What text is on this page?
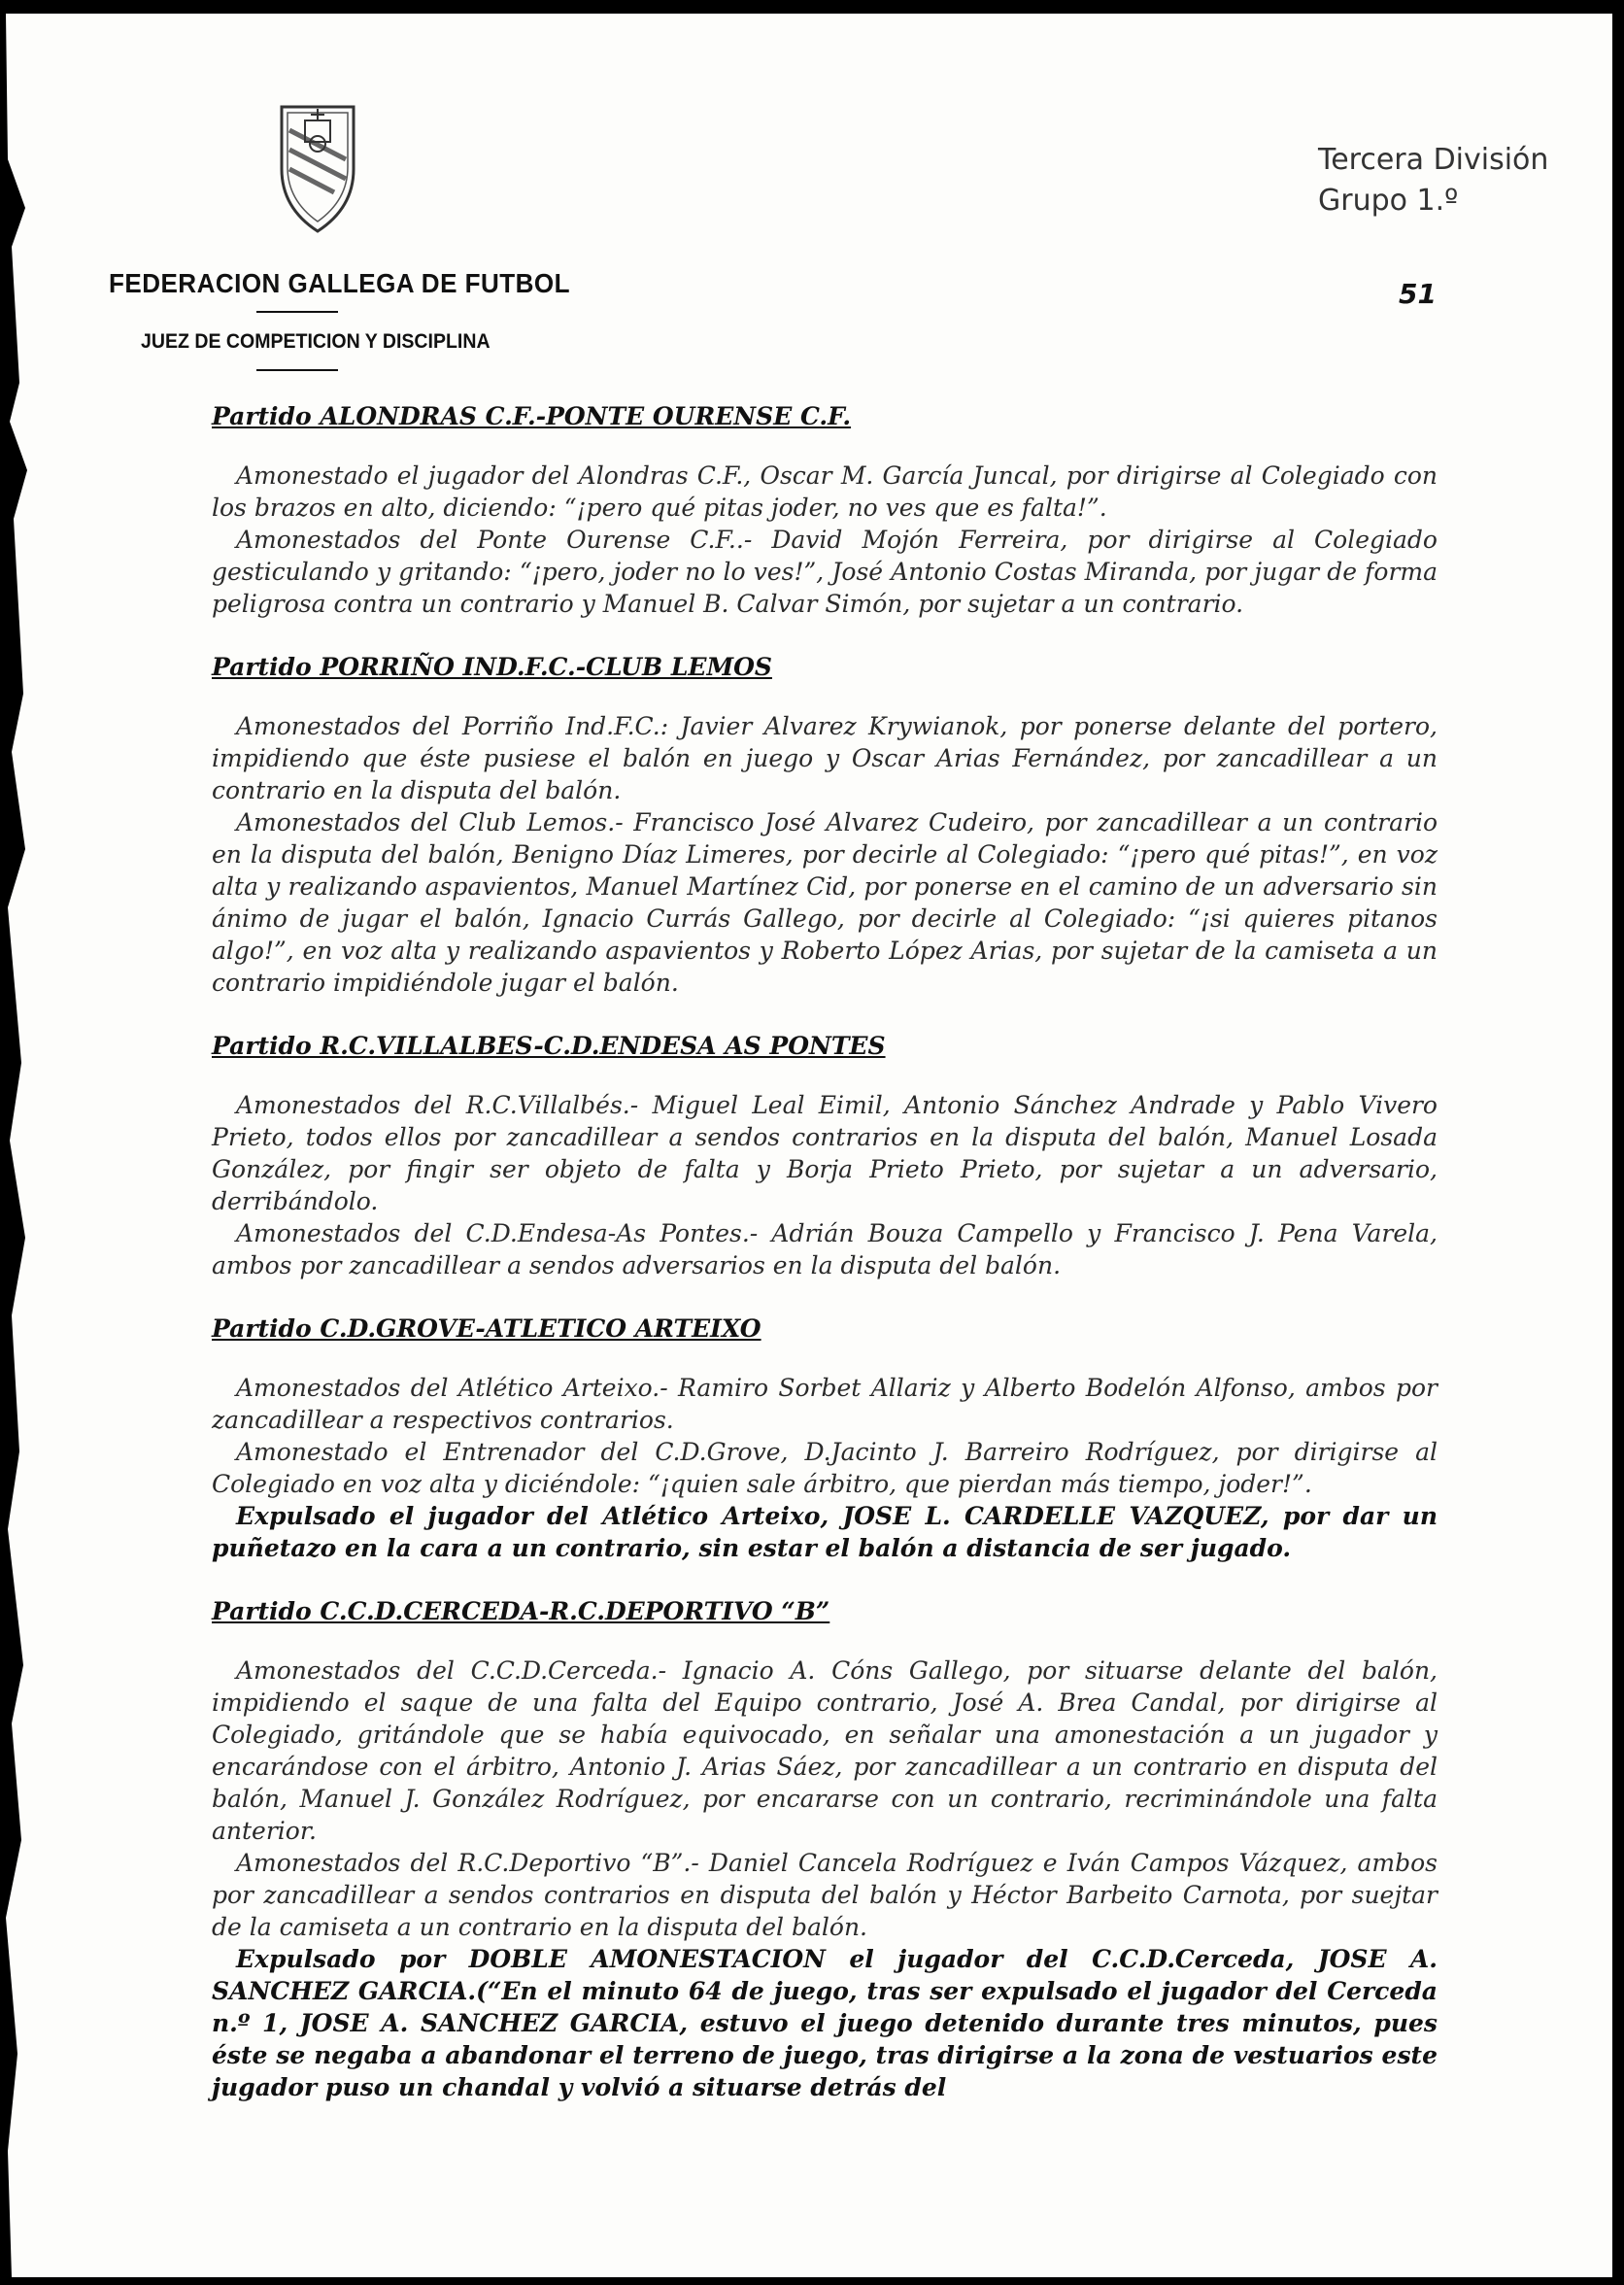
FEDERACION GALLEGA DE FUTBOL
JUEZ DE COMPETICION Y DISCIPLINA
Tercera División
Grupo 1.º
51
Partido ALONDRAS C.F.-PONTE OURENSE C.F.

Amonestado el jugador del Alondras C.F., Oscar M. García Juncal, por dirigirse al Colegiado con los brazos en alto, diciendo: “¡pero qué pitas joder, no ves que es falta!”.

Amonestados del Ponte Ourense C.F..- David Mojón Ferreira, por dirigirse al Colegiado gesticulando y gritando: “¡pero, joder no lo ves!”, José Antonio Costas Miranda, por jugar de forma peligrosa contra un contrario y Manuel B. Calvar Simón, por sujetar a un contrario.

Partido PORRIÑO IND.F.C.-CLUB LEMOS

Amonestados del Porriño Ind.F.C.: Javier Alvarez Krywianok, por ponerse delante del portero, impidiendo que éste pusiese el balón en juego y Oscar Arias Fernández, por zancadillear a un contrario en la disputa del balón.

Amonestados del Club Lemos.- Francisco José Alvarez Cudeiro, por zancadillear a un contrario en la disputa del balón, Benigno Díaz Limeres, por decirle al Colegiado: “¡pero qué pitas!”, en voz alta y realizando aspavientos, Manuel Martínez Cid, por ponerse en el camino de un adversario sin ánimo de jugar el balón, Ignacio Currás Gallego, por decirle al Colegiado: “¡si quieres pitanos algo!”, en voz alta y realizando aspavientos y Roberto López Arias, por sujetar de la camiseta a un contrario impidiéndole jugar el balón.

Partido R.C.VILLALBES-C.D.ENDESA AS PONTES

Amonestados del R.C.Villalbés.- Miguel Leal Eimil, Antonio Sánchez Andrade y Pablo Vivero Prieto, todos ellos por zancadillear a sendos contrarios en la disputa del balón, Manuel Losada González, por fingir ser objeto de falta y Borja Prieto Prieto, por sujetar a un adversario, derribándolo.

Amonestados del C.D.Endesa-As Pontes.- Adrián Bouza Campello y Francisco J. Pena Varela, ambos por zancadillear a sendos adversarios en la disputa del balón.

Partido C.D.GROVE-ATLETICO ARTEIXO

Amonestados del Atlético Arteixo.- Ramiro Sorbet Allariz y Alberto Bodelón Alfonso, ambos por zancadillear a respectivos contrarios.

Amonestado el Entrenador del C.D.Grove, D.Jacinto J. Barreiro Rodríguez, por dirigirse al Colegiado en voz alta y diciéndole: “¡quien sale árbitro, que pierdan más tiempo, joder!”.

Expulsado el jugador del Atlético Arteixo, JOSE L. CARDELLE VAZQUEZ, por dar un puñetazo en la cara a un contrario, sin estar el balón a distancia de ser jugado.

Partido C.C.D.CERCEDA-R.C.DEPORTIVO “B”

Amonestados del C.C.D.Cerceda.- Ignacio A. Cóns Gallego, por situarse delante del balón, impidiendo el saque de una falta del Equipo contrario, José A. Brea Candal, por dirigirse al Colegiado, gritándole que se había equivocado, en señalar una amonestación a un jugador y encarándose con el árbitro, Antonio J. Arias Sáez, por zancadillear a un contrario en disputa del balón, Manuel J. González Rodríguez, por encararse con un contrario, recriminándole una falta anterior.

Amonestados del R.C.Deportivo “B”.- Daniel Cancela Rodríguez e Iván Campos Vázquez, ambos por zancadillear a sendos contrarios en disputa del balón y Héctor Barbeito Carnota, por suejtar de la camiseta a un contrario en la disputa del balón.

Expulsado por DOBLE AMONESTACION el jugador del C.C.D.Cerceda, JOSE A. SANCHEZ GARCIA.(“En el minuto 64 de juego, tras ser expulsado el jugador del Cerceda n.º 1, JOSE A. SANCHEZ GARCIA, estuvo el juego detenido durante tres minutos, pues éste se negaba a abandonar el terreno de juego, tras dirigirse a la zona de vestuarios este jugador puso un chandal y volvió a situarse detrás del
